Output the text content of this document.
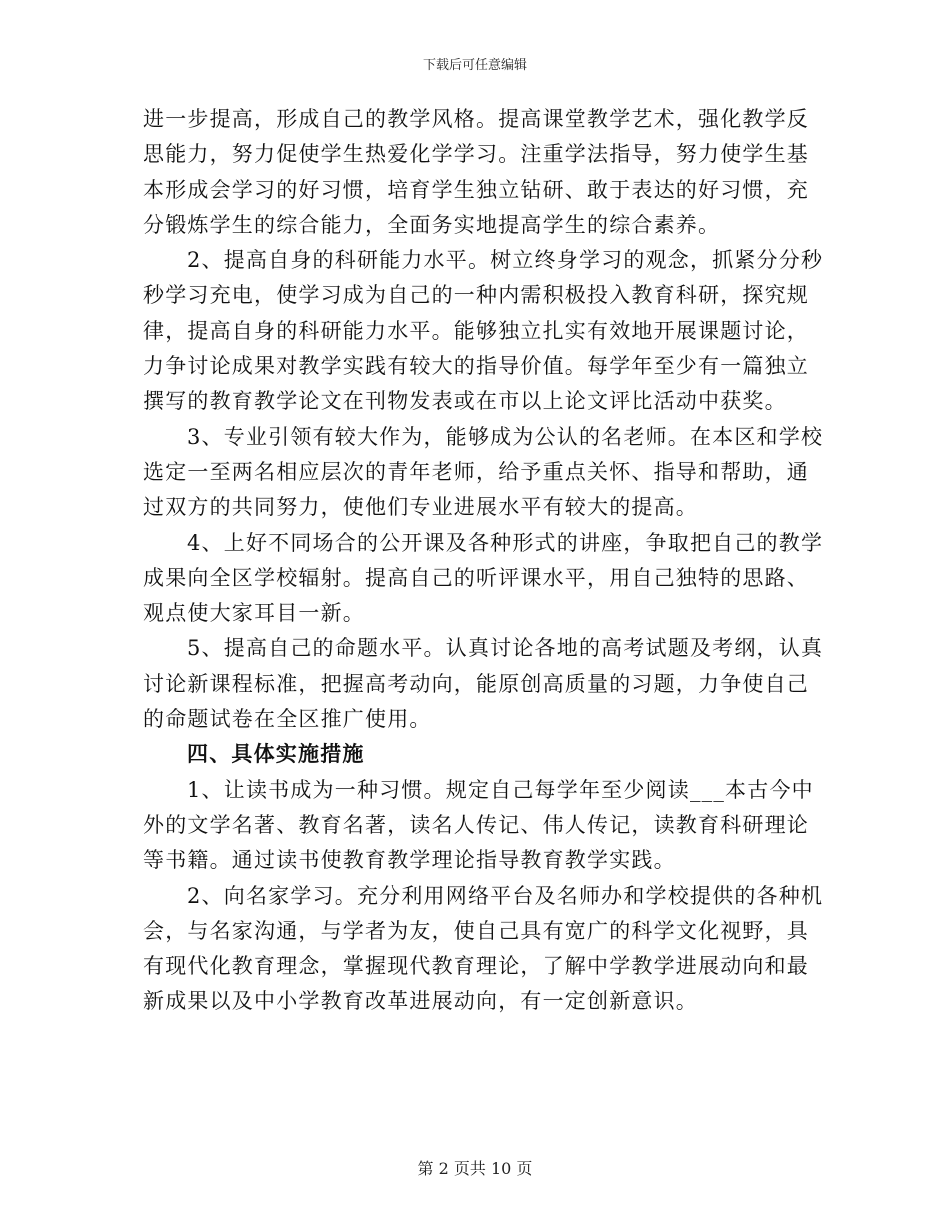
下载后可任意编辑
进一步提高，形成自己的教学风格。提高课堂教学艺术，强化教学反
思能力，努力促使学生热爱化学学习。注重学法指导，努力使学生基
本形成会学习的好习惯，培育学生独立钻研、敢于表达的好习惯，充
分锻炼学生的综合能力，全面务实地提高学生的综合素养。
2、提高自身的科研能力水平。树立终身学习的观念，抓紧分分秒
秒学习充电，使学习成为自己的一种内需积极投入教育科研，探究规
律，提高自身的科研能力水平。能够独立扎实有效地开展课题讨论，
力争讨论成果对教学实践有较大的指导价值。每学年至少有一篇独立
撰写的教育教学论文在刊物发表或在市以上论文评比活动中获奖。
3、专业引领有较大作为，能够成为公认的名老师。在本区和学校
选定一至两名相应层次的青年老师，给予重点关怀、指导和帮助，通
过双方的共同努力，使他们专业进展水平有较大的提高。
4、上好不同场合的公开课及各种形式的讲座，争取把自己的教学
成果向全区学校辐射。提高自己的听评课水平，用自己独特的思路、
观点使大家耳目一新。
5、提高自己的命题水平。认真讨论各地的高考试题及考纲，认真
讨论新课程标准，把握高考动向，能原创高质量的习题，力争使自己
的命题试卷在全区推广使用。
四、具体实施措施
1、让读书成为一种习惯。规定自己每学年至少阅读___本古今中
外的文学名著、教育名著，读名人传记、伟人传记，读教育科研理论
等书籍。通过读书使教育教学理论指导教育教学实践。
2、向名家学习。充分利用网络平台及名师办和学校提供的各种机
会，与名家沟通，与学者为友，使自己具有宽广的科学文化视野，具
有现代化教育理念，掌握现代教育理论，了解中学教学进展动向和最
新成果以及中小学教育改革进展动向，有一定创新意识。
第 2 页共 10 页
